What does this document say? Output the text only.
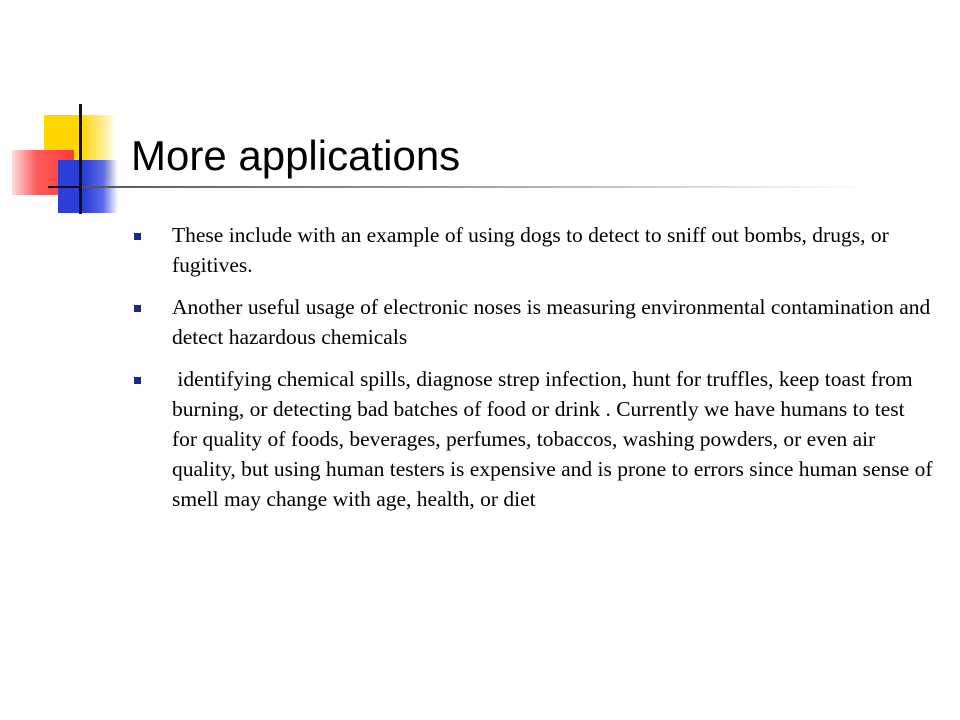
More applications
These include with an example of using dogs to detect to sniff out bombs, drugs, or fugitives.
Another useful usage of electronic noses is measuring environmental contamination and detect hazardous chemicals
identifying chemical spills, diagnose strep infection, hunt for truffles, keep toast from burning, or detecting bad batches of food or drink . Currently we have humans to test for quality of foods, beverages, perfumes, tobaccos, washing powders, or even air quality, but using human testers is expensive and is prone to errors since human sense of smell may change with age, health, or diet
